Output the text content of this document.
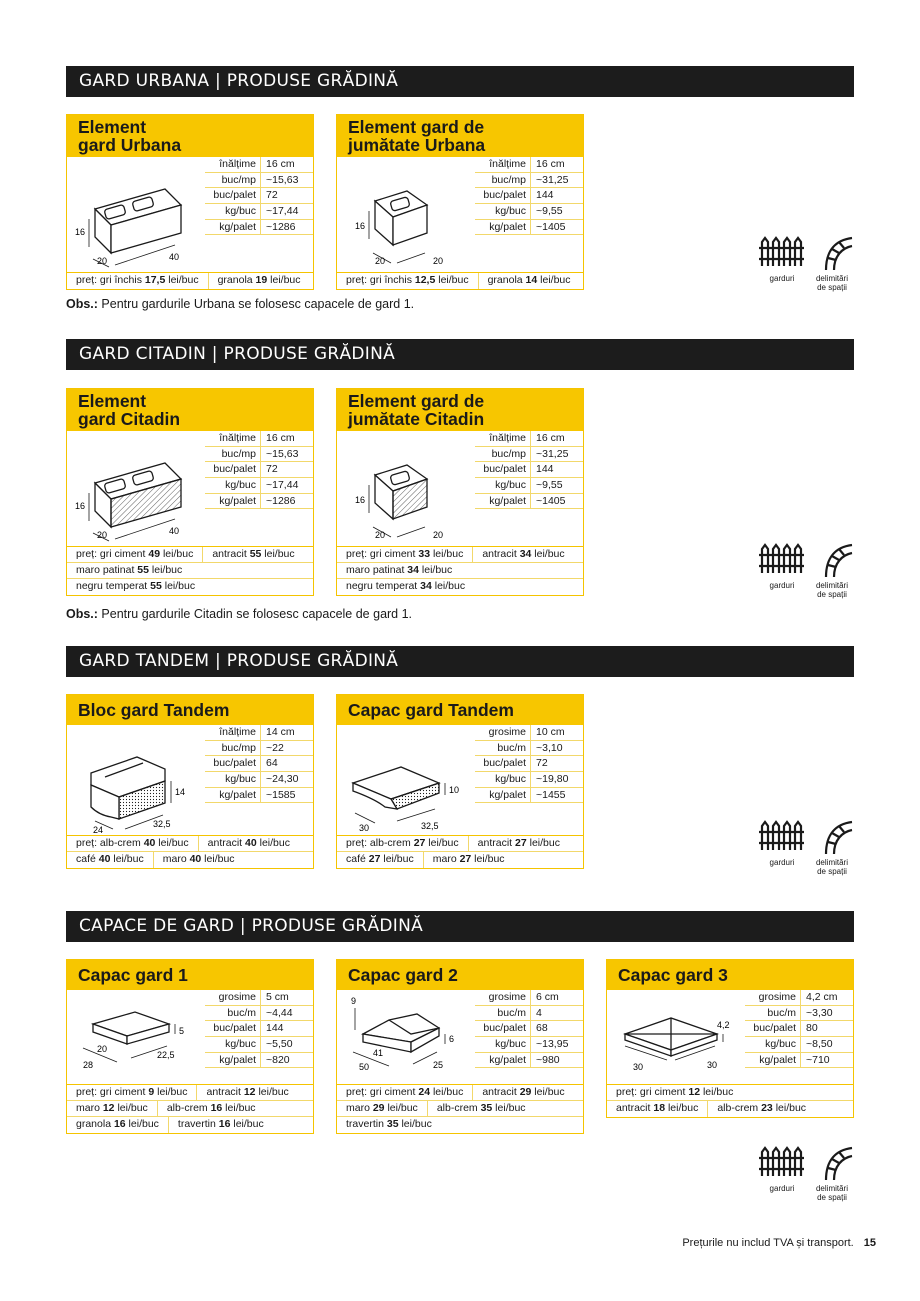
GARD URBANA | PRODUSE GRĂDINĂ
Element
gard Urbana
16
20	40
înălțime 16 cm
buc/mp ~15,63
buc/palet 72
kg/buc ~17,44
kg/palet ~1286
preț: gri închis 17,5 lei/buc	granola 19 lei/buc
Element gard de
jumătate Urbana
16
20	20
înălțime 16 cm
buc/mp ~31,25
buc/palet 144
kg/buc ~9,55
kg/palet ~1405
preț: gri închis 12,5 lei/buc	granola 14 lei/buc
Obs.: Pentru gardurile Urbana se folosesc capacele de gard 1.
garduri	delimitări
de spații
GARD CITADIN | PRODUSE GRĂDINĂ
Element
gard Citadin
16
20	40
înălțime 16 cm
buc/mp ~15,63
buc/palet 72
kg/buc ~17,44
kg/palet ~1286
preț: gri ciment 49 lei/buc	antracit 55 lei/buc
maro patinat 55 lei/buc
negru temperat 55 lei/buc
Element gard de
jumătate Citadin
16
20	20
înălțime 16 cm
buc/mp ~31,25
buc/palet 144
kg/buc ~9,55
kg/palet ~1405
preț: gri ciment 33 lei/buc	antracit 34 lei/buc
maro patinat 34 lei/buc
negru temperat 34 lei/buc
Obs.: Pentru gardurile Citadin se folosesc capacele de gard 1.
garduri	delimitări
de spații
GARD TANDEM | PRODUSE GRĂDINĂ
Bloc gard Tandem
14
24
32,5
înălțime 14 cm
buc/mp ~22
buc/palet 64
kg/buc ~24,30
kg/palet ~1585
preț: alb-crem 40 lei/buc	antracit 40 lei/buc
café 40 lei/buc	maro 40 lei/buc
Capac gard Tandem
10
30	32,5
grosime 10 cm
buc/m ~3,10
buc/palet 72
kg/buc ~19,80
kg/palet ~1455
preț: alb-crem 27 lei/buc	antracit 27 lei/buc
café 27 lei/buc	maro 27 lei/buc	garduri	delimitări
de spații
CAPACE DE GARD | PRODUSE GRĂDINĂ
Capac gard 1
5
20
22,5
28
grosime 5 cm
buc/m ~4,44
buc/palet 144
kg/buc ~5,50
kg/palet ~820
preț: gri ciment 9 lei/buc	antracit 12 lei/buc
maro 12 lei/buc	alb-crem 16 lei/buc
granola 16 lei/buc	travertin 16 lei/buc
Capac gard 2
9
6
41
50	25
grosime 6 cm
buc/m 4
buc/palet 68
kg/buc ~13,95
kg/palet ~980
preț: gri ciment 24 lei/buc	antracit 29 lei/buc
maro 29 lei/buc	alb-crem 35 lei/buc
travertin 35 lei/buc
Capac gard 3
4,2
30	30
grosime 4,2 cm
buc/m ~3,30
buc/palet 80
kg/buc ~8,50
kg/palet ~710
preț: gri ciment 12 lei/buc
antracit 18 lei/buc	alb-crem 23 lei/buc
garduri	delimitări
de spații
Prețurile nu includ TVA și transport. 15
